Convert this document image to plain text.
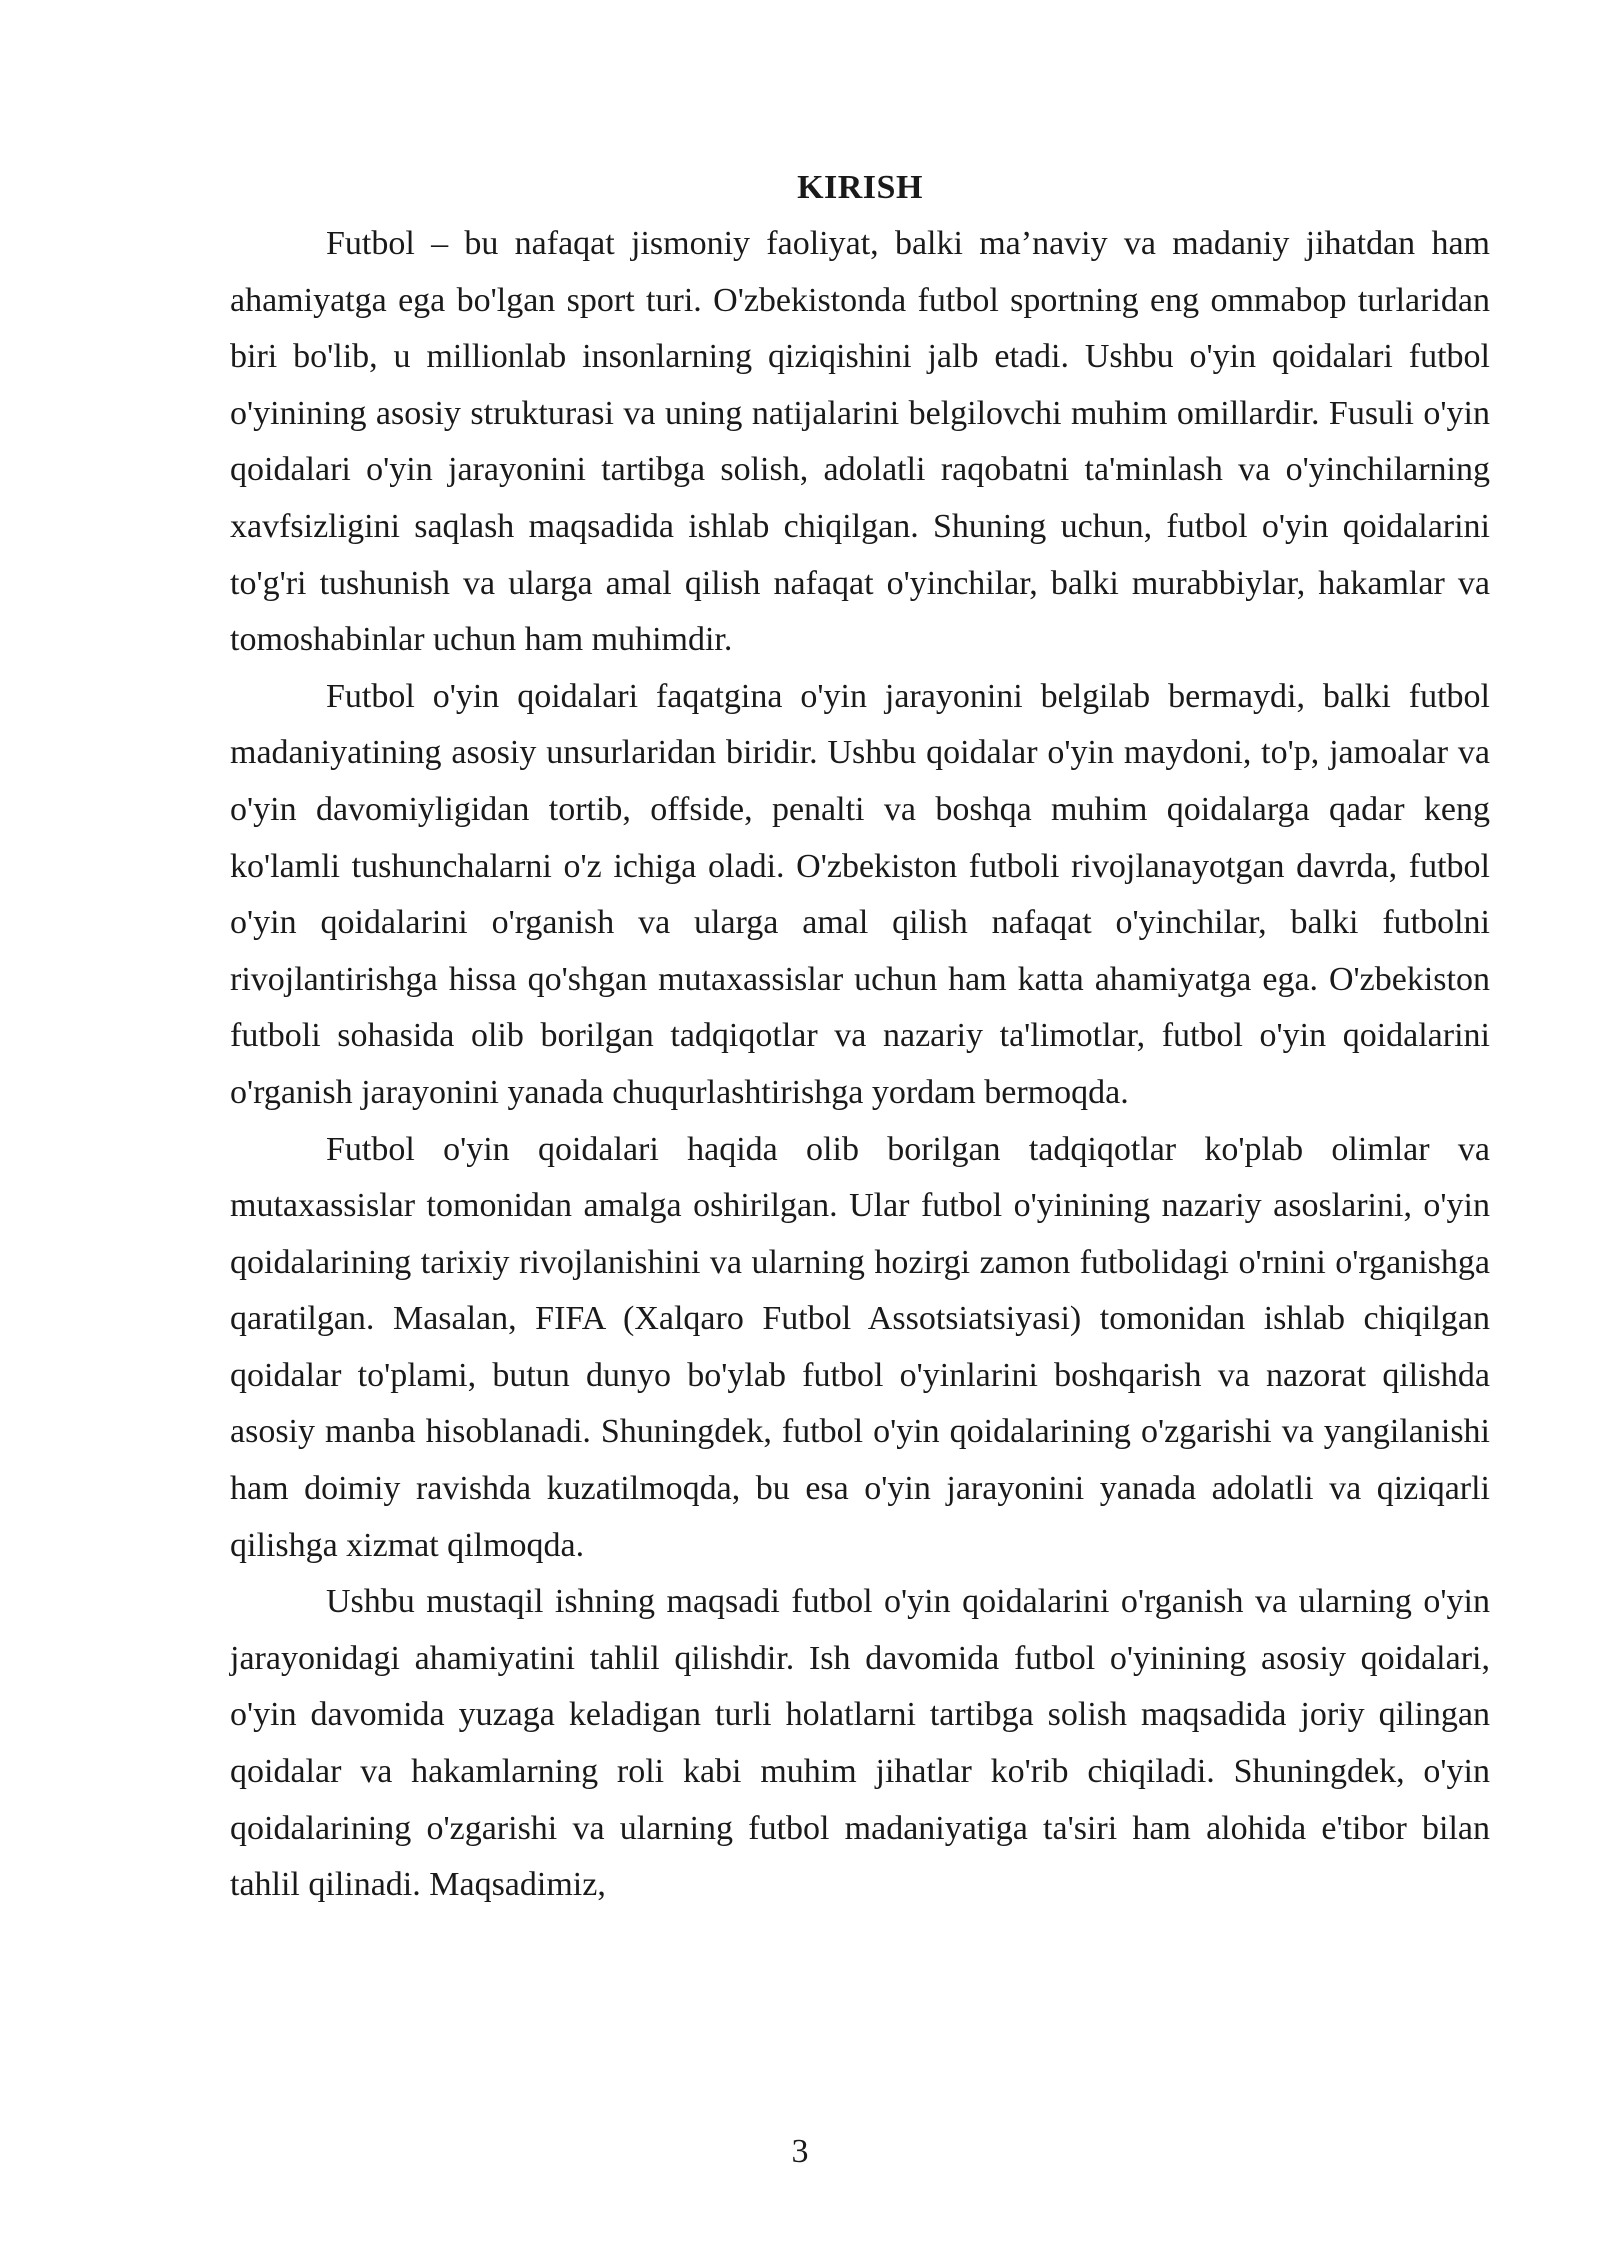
KIRISH

Futbol – bu nafaqat jismoniy faoliyat, balki ma’naviy va madaniy jihatdan ham ahamiyatga ega bo'lgan sport turi. O'zbekistonda futbol sportning eng ommabop turlaridan biri bo'lib, u millionlab insonlarning qiziqishini jalb etadi. Ushbu o'yin qoidalari futbol o'yinining asosiy strukturasi va uning natijalarini belgilovchi muhim omillardir. Fusuli o'yin qoidalari o'yin jarayonini tartibga solish, adolatli raqobatni ta'minlash va o'yinchilarning xavfsizligini saqlash maqsadida ishlab chiqilgan. Shuning uchun, futbol o'yin qoidalarini to'g'ri tushunish va ularga amal qilish nafaqat o'yinchilar, balki murabbiylar, hakamlar va tomoshabinlar uchun ham muhimdir.

Futbol o'yin qoidalari faqatgina o'yin jarayonini belgilab bermaydi, balki futbol madaniyatining asosiy unsurlaridan biridir. Ushbu qoidalar o'yin maydoni, to'p, jamoalar va o'yin davomiyligidan tortib, offside, penalti va boshqa muhim qoidalarga qadar keng ko'lamli tushunchalarni o'z ichiga oladi. O'zbekiston futboli rivojlanayotgan davrda, futbol o'yin qoidalarini o'rganish va ularga amal qilish nafaqat o'yinchilar, balki futbolni rivojlantirishga hissa qo'shgan mutaxassislar uchun ham katta ahamiyatga ega. O'zbekiston futboli sohasida olib borilgan tadqiqotlar va nazariy ta'limotlar, futbol o'yin qoidalarini o'rganish jarayonini yanada chuqurlashtirishga yordam bermoqda.

Futbol o'yin qoidalari haqida olib borilgan tadqiqotlar ko'plab olimlar va mutaxassislar tomonidan amalga oshirilgan. Ular futbol o'yinining nazariy asoslarini, o'yin qoidalarining tarixiy rivojlanishini va ularning hozirgi zamon futbolidagi o'rnini o'rganishga qaratilgan. Masalan, FIFA (Xalqaro Futbol Assotsiatsiyasi) tomonidan ishlab chiqilgan qoidalar to'plami, butun dunyo bo'ylab futbol o'yinlarini boshqarish va nazorat qilishda asosiy manba hisoblanadi. Shuningdek, futbol o'yin qoidalarining o'zgarishi va yangilanishi ham doimiy ravishda kuzatilmoqda, bu esa o'yin jarayonini yanada adolatli va qiziqarli qilishga xizmat qilmoqda.

Ushbu mustaqil ishning maqsadi futbol o'yin qoidalarini o'rganish va ularning o'yin jarayonidagi ahamiyatini tahlil qilishdir. Ish davomida futbol o'yinining asosiy qoidalari, o'yin davomida yuzaga keladigan turli holatlarni tartibga solish maqsadida joriy qilingan qoidalar va hakamlarning roli kabi muhim jihatlar ko'rib chiqiladi. Shuningdek, o'yin qoidalarining o'zgarishi va ularning futbol madaniyatiga ta'siri ham alohida e'tibor bilan tahlil qilinadi. Maqsadimiz,

3
